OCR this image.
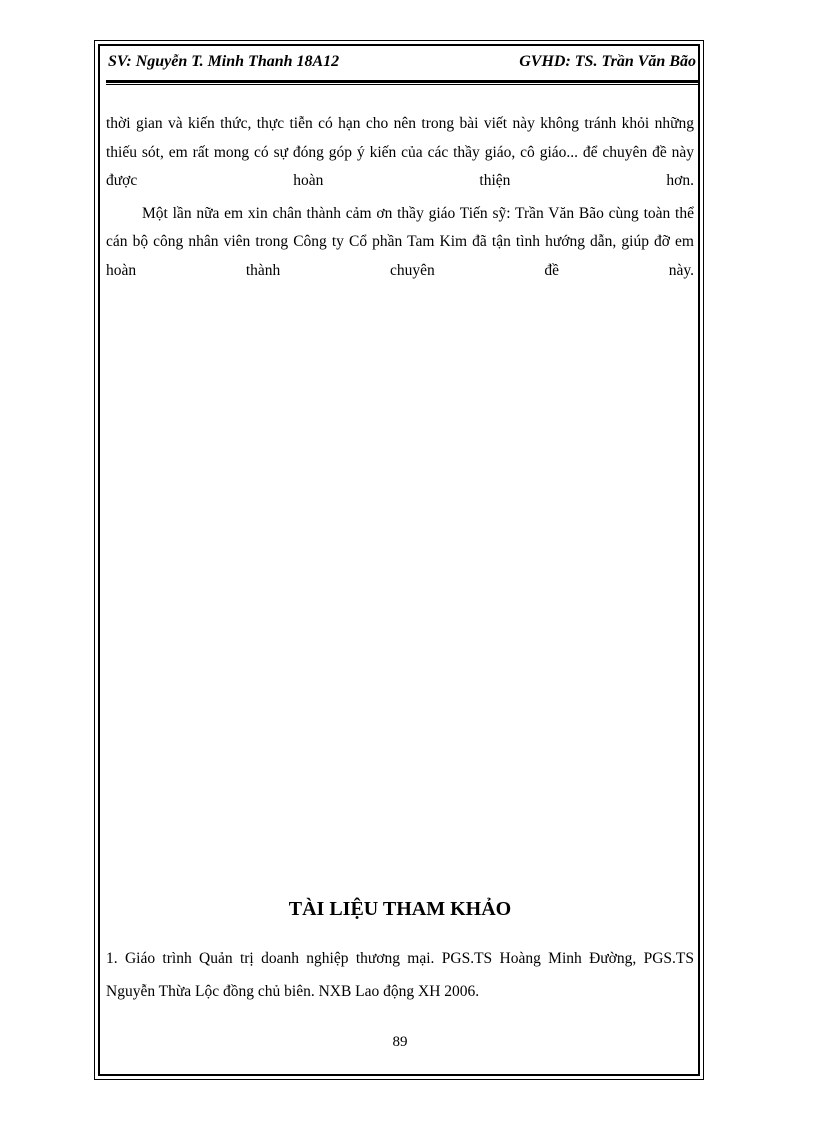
SV: Nguyễn T. Minh Thanh 18A12	GVHD: TS. Trần Văn Bão

thời gian và kiến thức, thực tiễn có hạn cho nên trong bài viết này không tránh khỏi những thiếu sót, em rất mong có sự đóng góp ý kiến của các thầy giáo, cô giáo... để chuyên đề này được hoàn thiện hơn.

Một lần nữa em xin chân thành cảm ơn thầy giáo Tiến sỹ: Trần Văn Bão cùng toàn thể cán bộ công nhân viên trong Công ty Cổ phần Tam Kim đã tận tình hướng dẫn, giúp đỡ em hoàn thành chuyên đề này.

TÀI LIỆU THAM KHẢO

1. Giáo trình Quản trị doanh nghiệp thương mại. PGS.TS Hoàng Minh Đường, PGS.TS Nguyễn Thừa Lộc đồng chủ biên. NXB Lao động XH 2006.

89
